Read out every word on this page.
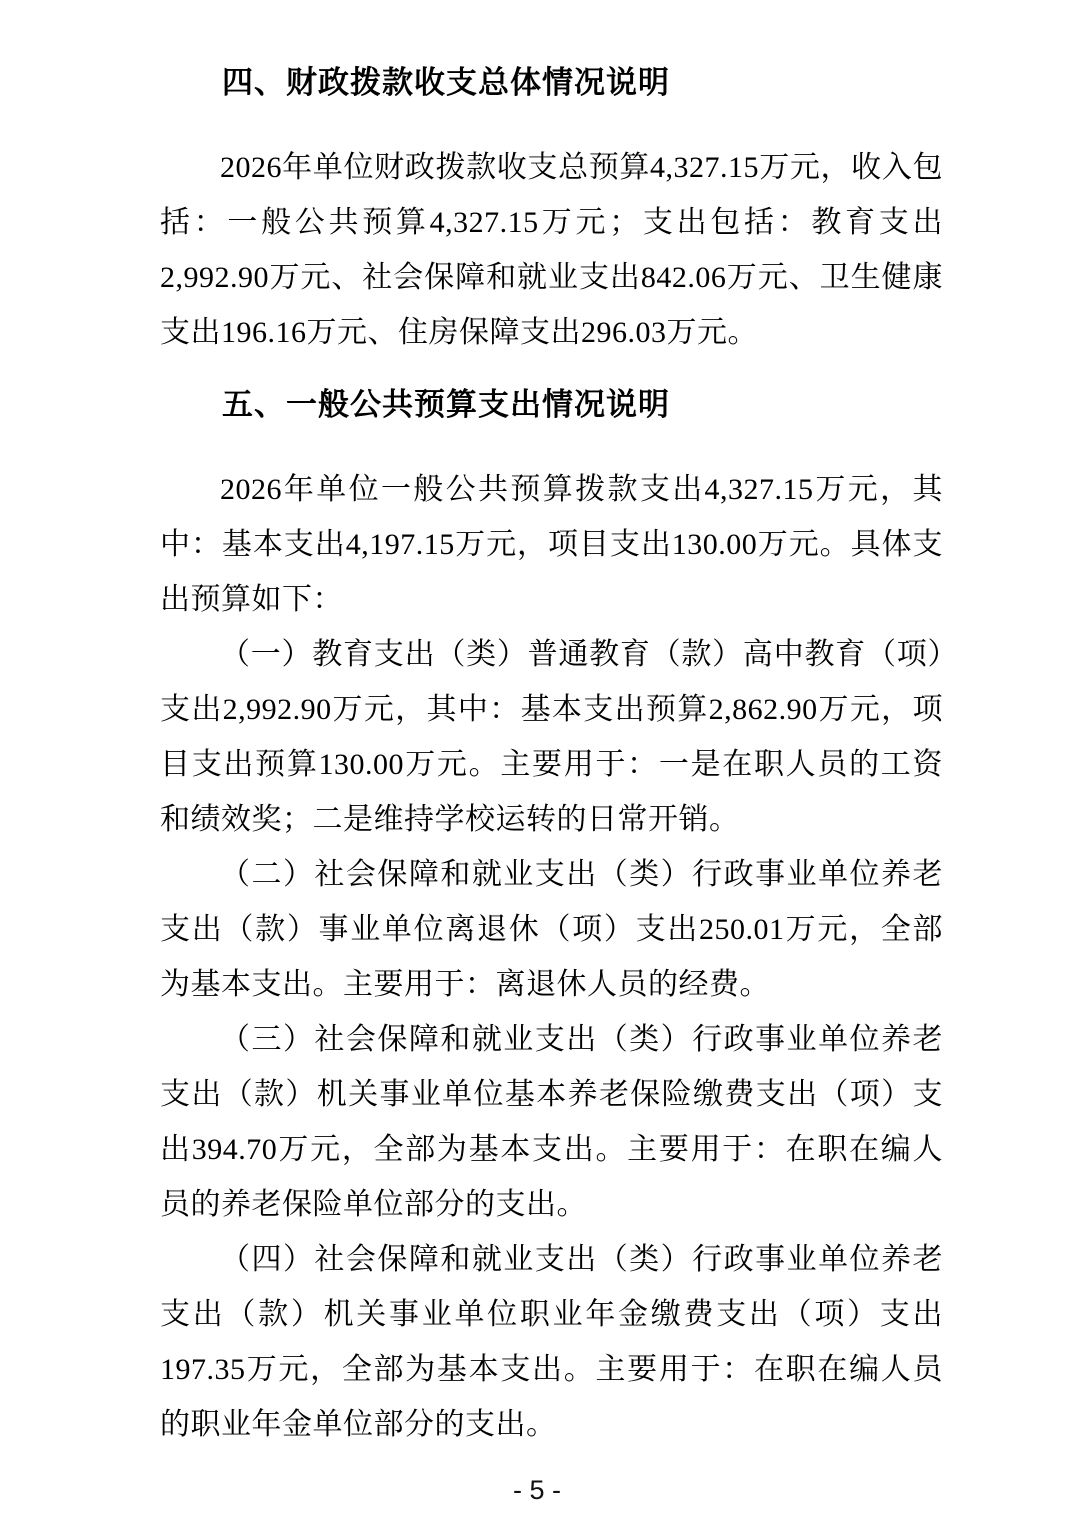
四、财政拨款收支总体情况说明

2026年单位财政拨款收支总预算4,327.15万元，收入包括：一般公共预算4,327.15万元；支出包括：教育支出2,992.90万元、社会保障和就业支出842.06万元、卫生健康支出196.16万元、住房保障支出296.03万元。

五、一般公共预算支出情况说明

2026年单位一般公共预算拨款支出4,327.15万元，其中：基本支出4,197.15万元，项目支出130.00万元。具体支出预算如下：

（一）教育支出（类）普通教育（款）高中教育（项）支出2,992.90万元，其中：基本支出预算2,862.90万元，项目支出预算130.00万元。主要用于：一是在职人员的工资和绩效奖；二是维持学校运转的日常开销。

（二）社会保障和就业支出（类）行政事业单位养老支出（款）事业单位离退休（项）支出250.01万元，全部为基本支出。主要用于：离退休人员的经费。

（三）社会保障和就业支出（类）行政事业单位养老支出（款）机关事业单位基本养老保险缴费支出（项）支出394.70万元，全部为基本支出。主要用于：在职在编人员的养老保险单位部分的支出。

（四）社会保障和就业支出（类）行政事业单位养老支出（款）机关事业单位职业年金缴费支出（项）支出197.35万元，全部为基本支出。主要用于：在职在编人员的职业年金单位部分的支出。

- 5 -
